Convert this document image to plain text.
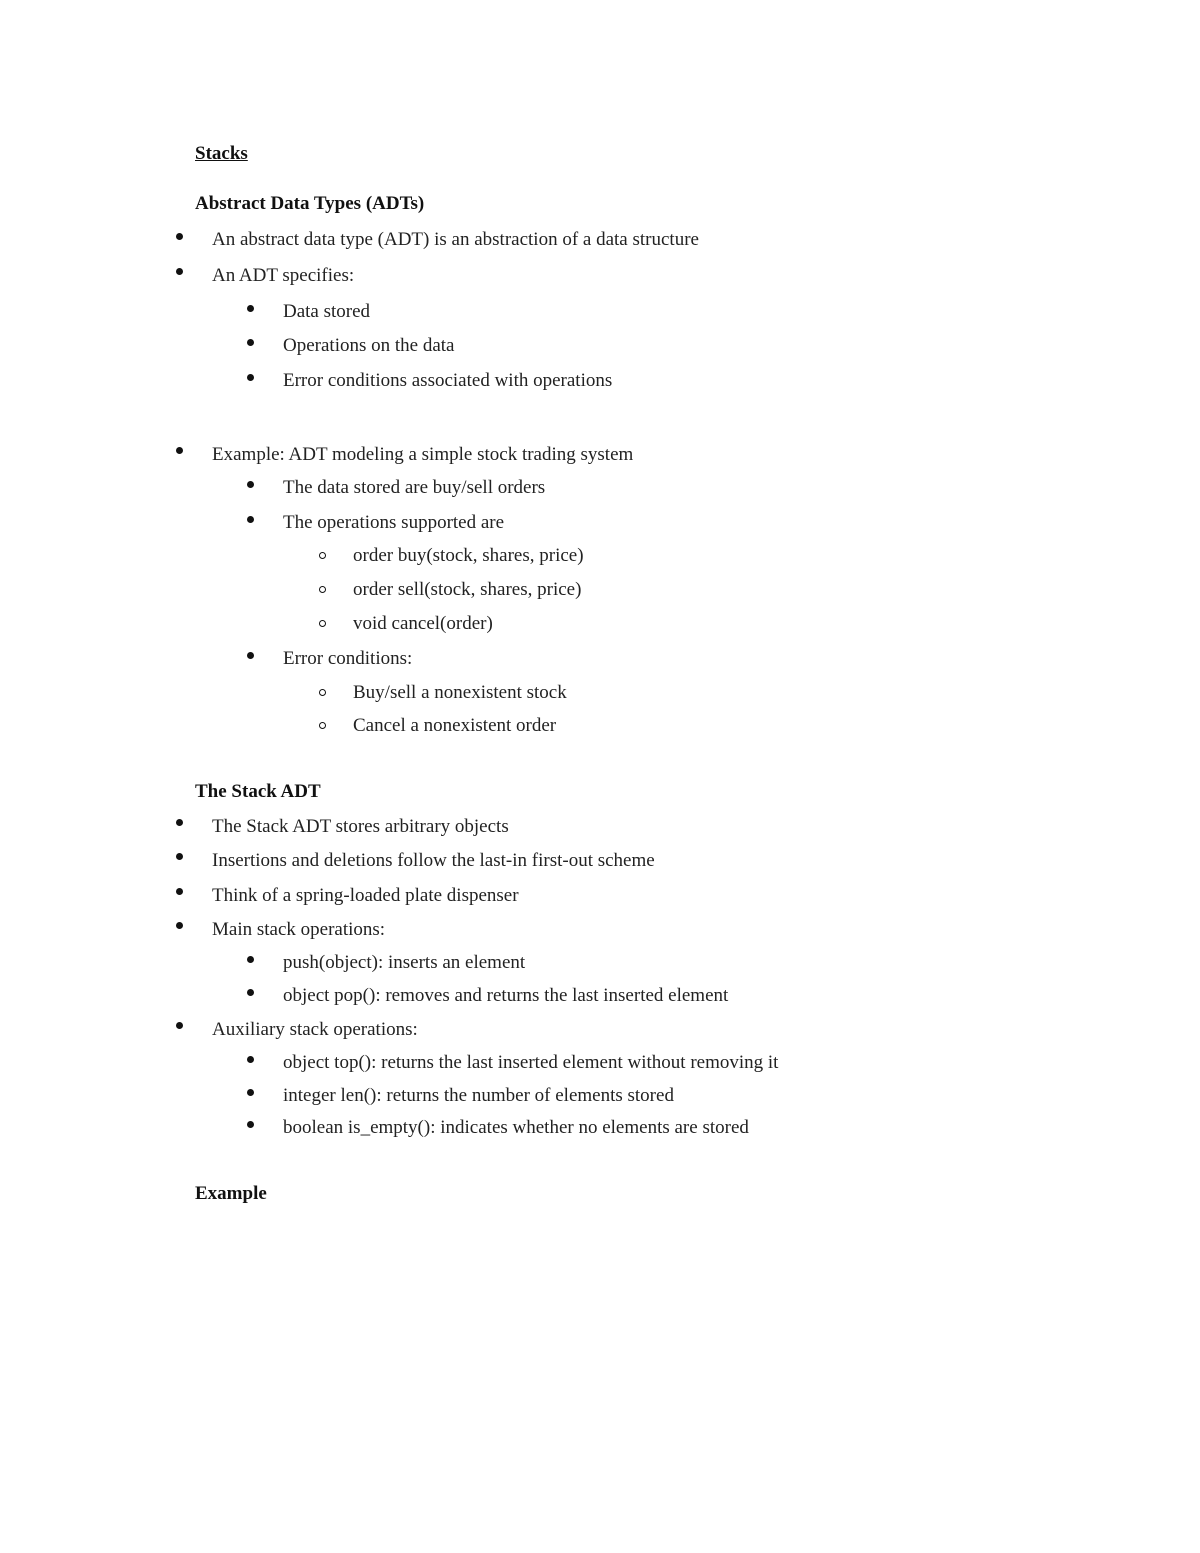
Stacks
Abstract Data Types (ADTs)
An abstract data type (ADT) is an abstraction of a data structure
An ADT specifies:
Data stored
Operations on the data
Error conditions associated with operations
Example: ADT modeling a simple stock trading system
The data stored are buy/sell orders
The operations supported are
order buy(stock, shares, price)
order sell(stock, shares, price)
void cancel(order)
Error conditions:
Buy/sell a nonexistent stock
Cancel a nonexistent order
The Stack ADT
The Stack ADT stores arbitrary objects
Insertions and deletions follow the last-in first-out scheme
Think of a spring-loaded plate dispenser
Main stack operations:
push(object): inserts an element
object pop(): removes and returns the last inserted element
Auxiliary stack operations:
object top(): returns the last inserted element without removing it
integer len(): returns the number of elements stored
boolean is_empty(): indicates whether no elements are stored
Example
